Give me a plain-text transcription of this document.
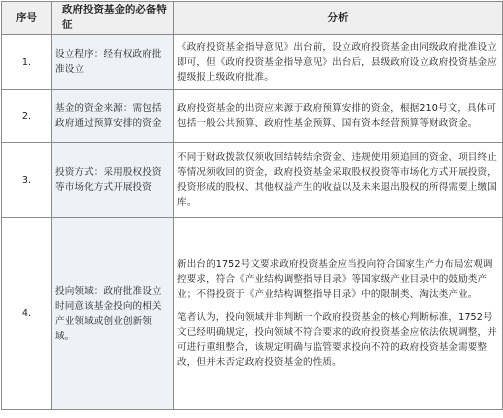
序号	政府投资基金的必备特征	分析
1.	设立程序：经有权政府批准设立	《政府投资基金指导意见》出台前，设立政府投资基金由同级政府批准设立即可，但《政府投资基金指导意见》出台后，县级政府设立政府投资基金应提级报上级政府批准。

2.	基金的资金来源：需包括政府通过预算安排的资金	政府投资基金的出资应来源于政府预算安排的资金，根据210号文，具体可包括一般公共预算、政府性基金预算、国有资本经营预算等财政资金。

3.	投资方式：采用股权投资等市场化方式开展投资	不同于财政拨款仅须收回结转结余资金、违规使用须追回的资金、项目终止等情况须收回的资金，政府投资基金采取股权投资等市场化方式开展投资，投资形成的股权、其他权益产生的收益以及未来退出股权的所得需要上缴国库。

4.	投向领域：政府批准设立时同意该基金投向的相关产业领域或创业创新领域。	新出台的1752号文要求政府投资基金应当投向符合国家生产力布局宏观调控要求，符合《产业结构调整指导目录》等国家级产业目录中的鼓励类产业；不得投资于《产业结构调整指导目录》中的限制类、淘汰类产业。

笔者认为，投向领域并非判断一个政府投资基金的核心判断标准，1752号文已经明确规定，投向领域不符合要求的政府投资基金应依法依规调整，并可进行重组整合，该规定明确与监管要求投向不符的政府投资基金需要整改，但并未否定政府投资基金的性质。
